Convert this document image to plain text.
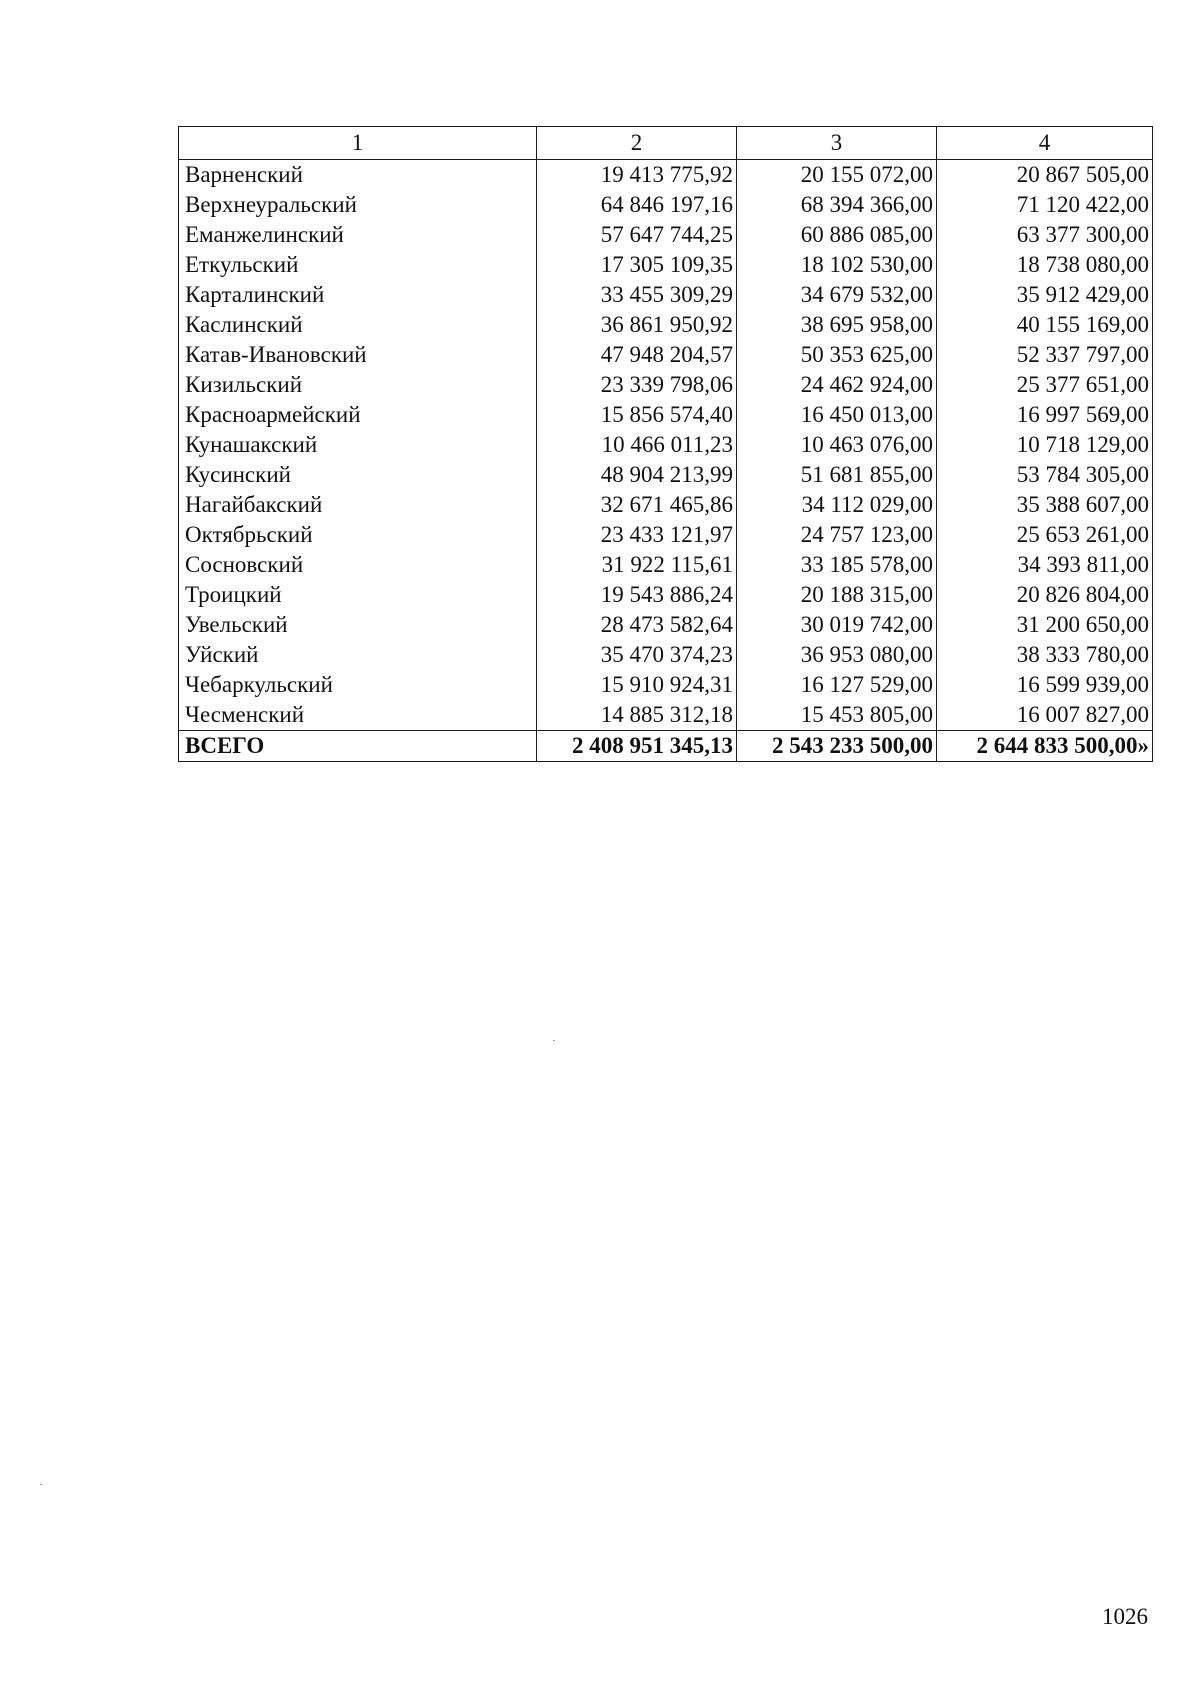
1	2	3	4
Варненский	19 413 775,92	20 155 072,00	20 867 505,00
Верхнеуральский	64 846 197,16	68 394 366,00	71 120 422,00
Еманжелинский	57 647 744,25	60 886 085,00	63 377 300,00
Еткульский	17 305 109,35	18 102 530,00	18 738 080,00
Карталинский	33 455 309,29	34 679 532,00	35 912 429,00
Каслинский	36 861 950,92	38 695 958,00	40 155 169,00
Катав-Ивановский	47 948 204,57	50 353 625,00	52 337 797,00
Кизильский	23 339 798,06	24 462 924,00	25 377 651,00
Красноармейский	15 856 574,40	16 450 013,00	16 997 569,00
Кунашакский	10 466 011,23	10 463 076,00	10 718 129,00
Кусинский	48 904 213,99	51 681 855,00	53 784 305,00
Нагайбакский	32 671 465,86	34 112 029,00	35 388 607,00
Октябрьский	23 433 121,97	24 757 123,00	25 653 261,00
Сосновский	31 922 115,61	33 185 578,00	34 393 811,00
Троицкий	19 543 886,24	20 188 315,00	20 826 804,00
Увельский	28 473 582,64	30 019 742,00	31 200 650,00
Уйский	35 470 374,23	36 953 080,00	38 333 780,00
Чебаркульский	15 910 924,31	16 127 529,00	16 599 939,00
Чесменский	14 885 312,18	15 453 805,00	16 007 827,00
ВСЕГО	2 408 951 345,13	2 543 233 500,00	2 644 833 500,00»
1026
